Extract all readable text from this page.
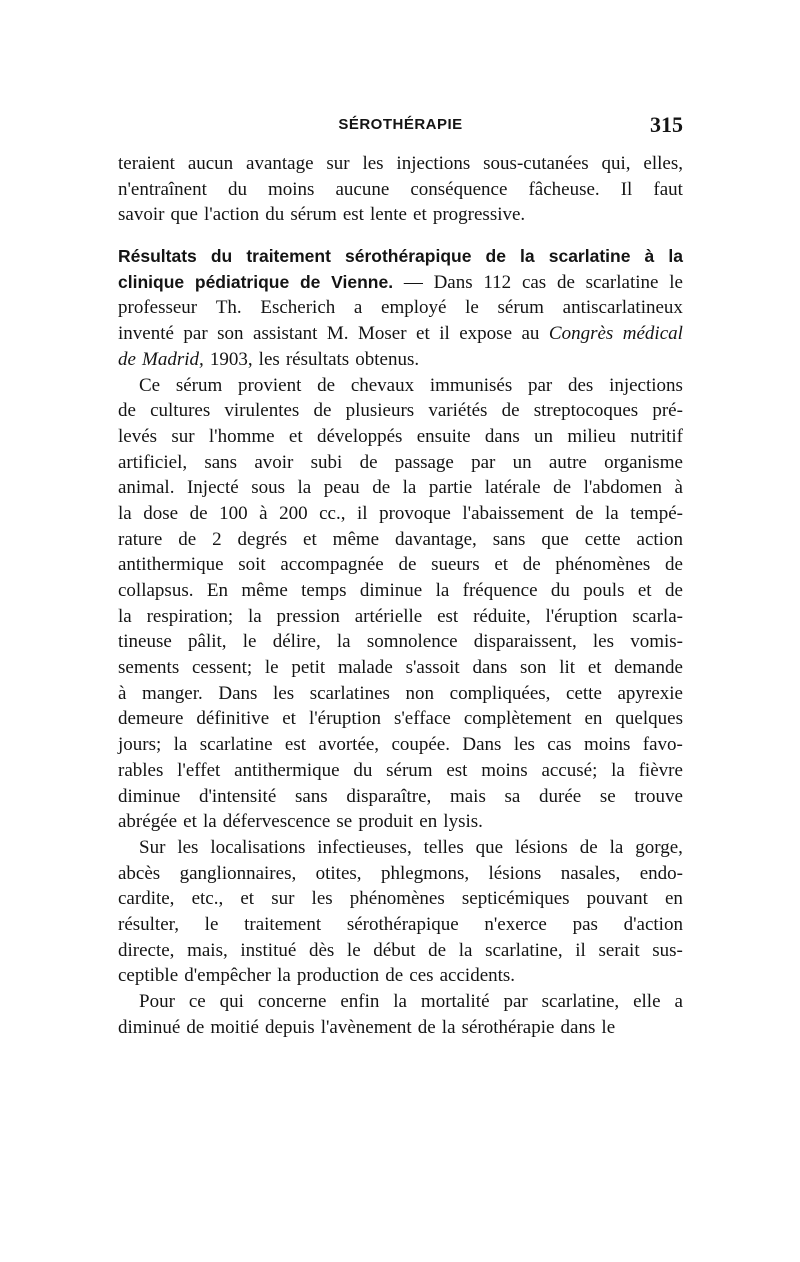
SÉROTHÉRAPIE	315
teraient aucun avantage sur les injections sous-cutanées qui, elles,
n'entraînent du moins aucune conséquence fâcheuse. Il faut
savoir que l'action du sérum est lente et progressive.
Résultats du traitement sérothérapique de la scarlatine à la
clinique pédiatrique de Vienne. — Dans 112 cas de scarlatine le
professeur Th. Escherich a employé le sérum antiscarlatineux
inventé par son assistant M. Moser et il expose au Congrès médical
de Madrid, 1903, les résultats obtenus.
Ce sérum provient de chevaux immunisés par des injections
de cultures virulentes de plusieurs variétés de streptocoques pré-
levés sur l'homme et développés ensuite dans un milieu nutritif
artificiel, sans avoir subi de passage par un autre organisme
animal. Injecté sous la peau de la partie latérale de l'abdomen à
la dose de 100 à 200 cc., il provoque l'abaissement de la tempé-
rature de 2 degrés et même davantage, sans que cette action
antithermique soit accompagnée de sueurs et de phénomènes de
collapsus. En même temps diminue la fréquence du pouls et de
la respiration; la pression artérielle est réduite, l'éruption scarla-
tineuse pâlit, le délire, la somnolence disparaissent, les vomis-
sements cessent; le petit malade s'assoit dans son lit et demande
à manger. Dans les scarlatines non compliquées, cette apyrexie
demeure définitive et l'éruption s'efface complètement en quelques
jours; la scarlatine est avortée, coupée. Dans les cas moins favo-
rables l'effet antithermique du sérum est moins accusé; la fièvre
diminue d'intensité sans disparaître, mais sa durée se trouve
abrégée et la défervescence se produit en lysis.
Sur les localisations infectieuses, telles que lésions de la gorge,
abcès ganglionnaires, otites, phlegmons, lésions nasales, endo-
cardite, etc., et sur les phénomènes septicémiques pouvant en
résulter, le traitement sérothérapique n'exerce pas d'action
directe, mais, institué dès le début de la scarlatine, il serait sus-
ceptible d'empêcher la production de ces accidents.
Pour ce qui concerne enfin la mortalité par scarlatine, elle a
diminué de moitié depuis l'avènement de la sérothérapie dans le
